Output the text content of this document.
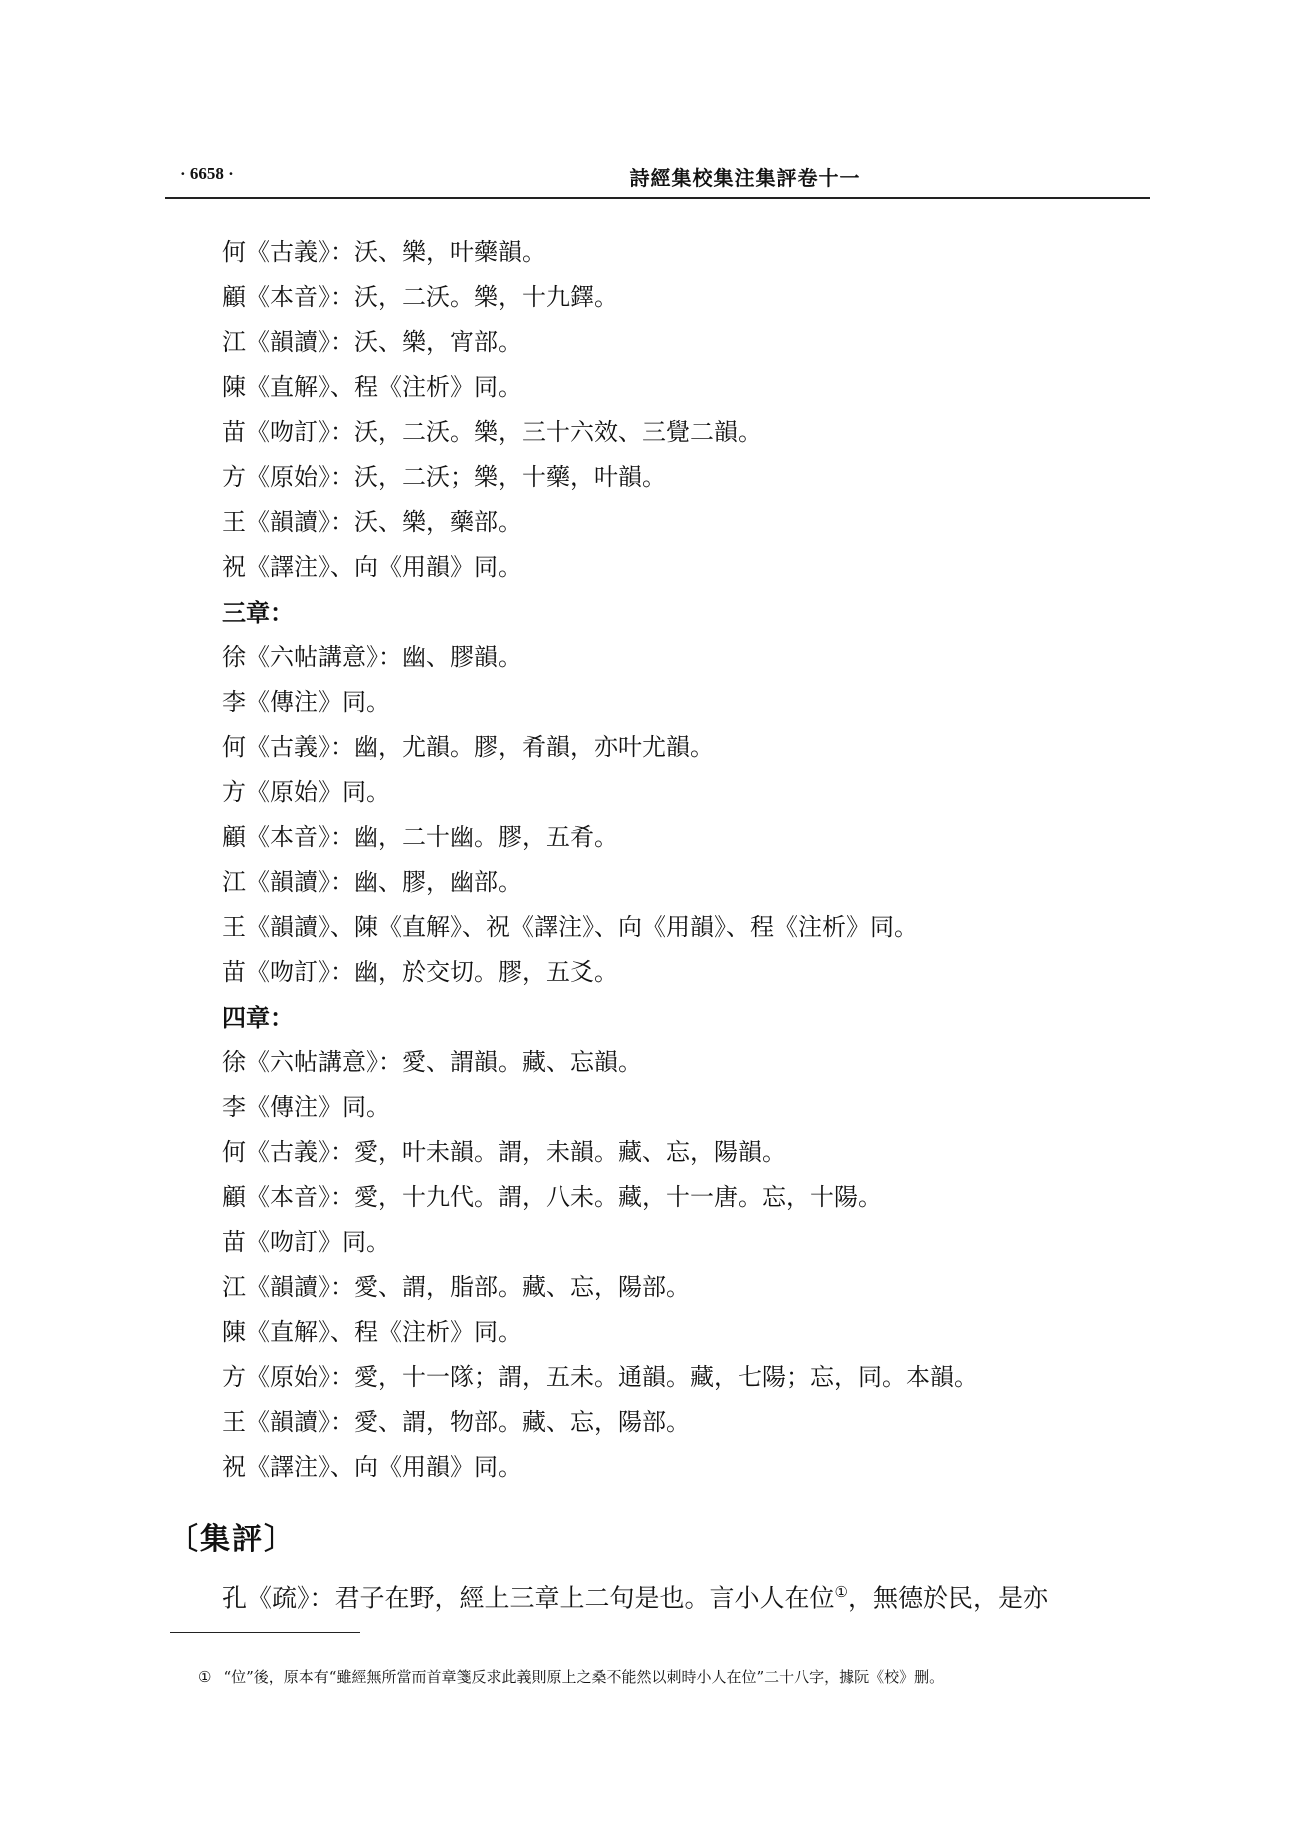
· 6658 ·	詩經集校集注集評卷十一
何《古義》：沃、樂，叶藥韻。
顧《本音》：沃，二沃。樂，十九鐸。
江《韻讀》：沃、樂，宵部。
陳《直解》、程《注析》同。
苗《吻訂》：沃，二沃。樂，三十六效、三覺二韻。
方《原始》：沃，二沃；樂，十藥，叶韻。
王《韻讀》：沃、樂，藥部。
祝《譯注》、向《用韻》同。
三章：
徐《六帖講意》：幽、膠韻。
李《傳注》同。
何《古義》：幽，尤韻。膠，肴韻，亦叶尤韻。
方《原始》同。
顧《本音》：幽，二十幽。膠，五肴。
江《韻讀》：幽、膠，幽部。
王《韻讀》、陳《直解》、祝《譯注》、向《用韻》、程《注析》同。
苗《吻訂》：幽，於交切。膠，五爻。
四章：
徐《六帖講意》：愛、謂韻。藏、忘韻。
李《傳注》同。
何《古義》：愛，叶未韻。謂，未韻。藏、忘，陽韻。
顧《本音》：愛，十九代。謂，八未。藏，十一唐。忘，十陽。
苗《吻訂》同。
江《韻讀》：愛、謂，脂部。藏、忘，陽部。
陳《直解》、程《注析》同。
方《原始》：愛，十一隊；謂，五未。通韻。藏，七陽；忘，同。本韻。
王《韻讀》：愛、謂，物部。藏、忘，陽部。
祝《譯注》、向《用韻》同。
〔集評〕
孔《疏》：君子在野，經上三章上二句是也。言小人在位①，無德於民，是亦
① “位”後，原本有“雖經無所當而首章箋反求此義則原上之桑不能然以刺時小人在位”二十八字，據阮《校》删。
